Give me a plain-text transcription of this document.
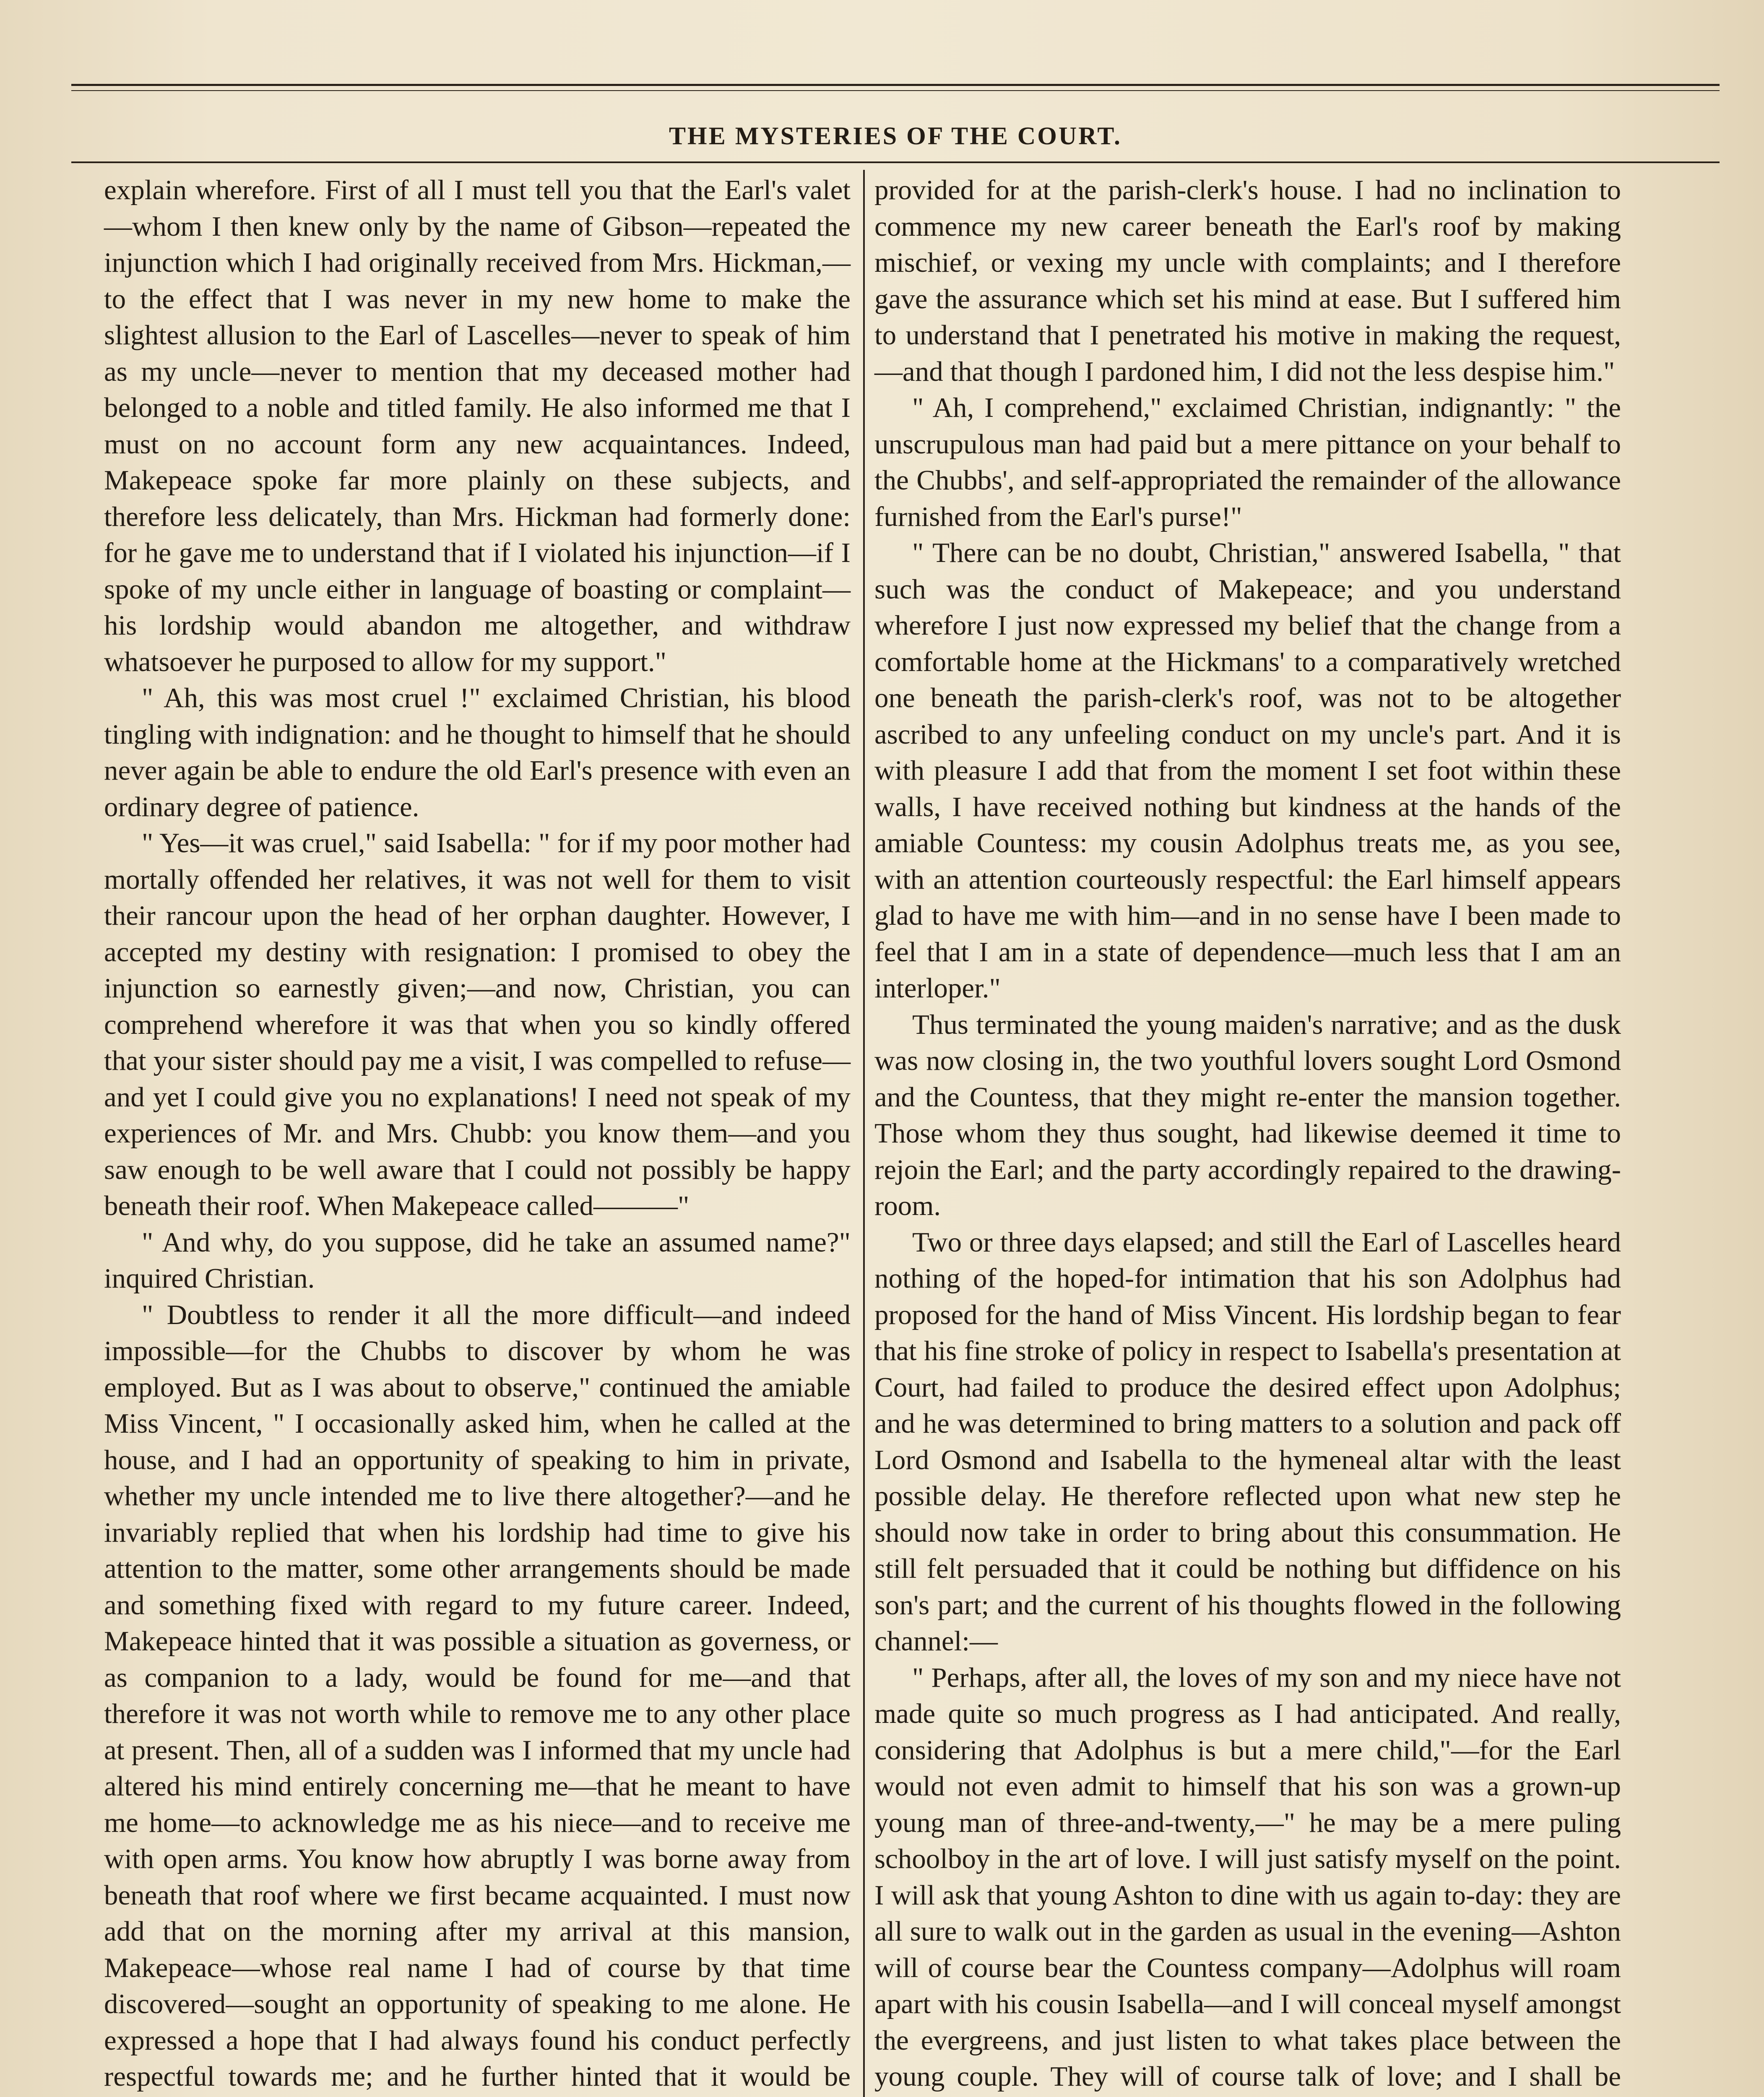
THE MYSTERIES OF THE COURT.

explain wherefore. First of all I must tell you that the Earl's valet—whom I then knew only by the name of Gibson—repeated the injunction which I had originally received from Mrs. Hickman,—to the effect that I was never in my new home to make the slightest allusion to the Earl of Lascelles—never to speak of him as my uncle—never to mention that my deceased mother had belonged to a noble and titled family. He also informed me that I must on no account form any new acquaintances. Indeed, Makepeace spoke far more plainly on these subjects, and therefore less delicately, than Mrs. Hickman had formerly done: for he gave me to understand that if I violated his injunction—if I spoke of my uncle either in language of boasting or complaint—his lordship would abandon me altogether, and withdraw whatsoever he purposed to allow for my support."

" Ah, this was most cruel !" exclaimed Christian, his blood tingling with indignation: and he thought to himself that he should never again be able to endure the old Earl's presence with even an ordinary degree of patience.

" Yes—it was cruel," said Isabella: " for if my poor mother had mortally offended her relatives, it was not well for them to visit their rancour upon the head of her orphan daughter. However, I accepted my destiny with resignation: I promised to obey the injunction so earnestly given;—and now, Christian, you can comprehend wherefore it was that when you so kindly offered that your sister should pay me a visit, I was compelled to refuse—and yet I could give you no explanations! I need not speak of my experiences of Mr. and Mrs. Chubb: you know them—and you saw enough to be well aware that I could not possibly be happy beneath their roof. When Makepeace called———"

" And why, do you suppose, did he take an assumed name?" inquired Christian.

" Doubtless to render it all the more difficult—and indeed impossible—for the Chubbs to discover by whom he was employed. But as I was about to observe," continued the amiable Miss Vincent, " I occasionally asked him, when he called at the house, and I had an opportunity of speaking to him in private, whether my uncle intended me to live there altogether?—and he invariably replied that when his lordship had time to give his attention to the matter, some other arrangements should be made and something fixed with regard to my future career. Indeed, Makepeace hinted that it was possible a situation as governess, or as companion to a lady, would be found for me—and that therefore it was not worth while to remove me to any other place at present. Then, all of a sudden was I informed that my uncle had altered his mind entirely concerning me—that he meant to have me home—to acknowledge me as his niece—and to receive me with open arms. You know how abruptly I was borne away from beneath that roof where we first became acquainted. I must now add that on the morning after my arrival at this mansion, Makepeace—whose real name I had of course by that time discovered—sought an opportunity of speaking to me alone. He expressed a hope that I had always found his conduct perfectly respectful towards me; and he further hinted that it would be

provided for at the parish-clerk's house. I had no inclination to commence my new career beneath the Earl's roof by making mischief, or vexing my uncle with complaints; and I therefore gave the assurance which set his mind at ease. But I suffered him to understand that I penetrated his motive in making the request,—and that though I pardoned him, I did not the less despise him."

" Ah, I comprehend," exclaimed Christian, indignantly: " the unscrupulous man had paid but a mere pittance on your behalf to the Chubbs', and self-appropriated the remainder of the allowance furnished from the Earl's purse!"

" There can be no doubt, Christian," answered Isabella, " that such was the conduct of Makepeace; and you understand wherefore I just now expressed my belief that the change from a comfortable home at the Hickmans' to a comparatively wretched one beneath the parish-clerk's roof, was not to be altogether ascribed to any unfeeling conduct on my uncle's part. And it is with pleasure I add that from the moment I set foot within these walls, I have received nothing but kindness at the hands of the amiable Countess: my cousin Adolphus treats me, as you see, with an attention courteously respectful: the Earl himself appears glad to have me with him—and in no sense have I been made to feel that I am in a state of dependence—much less that I am an interloper."

Thus terminated the young maiden's narrative; and as the dusk was now closing in, the two youthful lovers sought Lord Osmond and the Countess, that they might re-enter the mansion together. Those whom they thus sought, had likewise deemed it time to rejoin the Earl; and the party accordingly repaired to the drawing-room.

Two or three days elapsed; and still the Earl of Lascelles heard nothing of the hoped-for intimation that his son Adolphus had proposed for the hand of Miss Vincent. His lordship began to fear that his fine stroke of policy in respect to Isabella's presentation at Court, had failed to produce the desired effect upon Adolphus; and he was determined to bring matters to a solution and pack off Lord Osmond and Isabella to the hymeneal altar with the least possible delay. He therefore reflected upon what new step he should now take in order to bring about this consummation. He still felt persuaded that it could be nothing but diffidence on his son's part; and the current of his thoughts flowed in the following channel:—

" Perhaps, after all, the loves of my son and my niece have not made quite so much progress as I had anticipated. And really, considering that Adolphus is but a mere child,"—for the Earl would not even admit to himself that his son was a grown-up young man of three-and-twenty,—" he may be a mere puling schoolboy in the art of love. I will just satisfy myself on the point. I will ask that young Ashton to dine with us again to-day: they are all sure to walk out in the garden as usual in the evening—Ashton will of course bear the Countess company—Adolphus will roam apart with his cousin Isabella—and I will conceal myself amongst the evergreens, and just listen to what takes place between the young couple. They will of course talk of love; and I shall be
